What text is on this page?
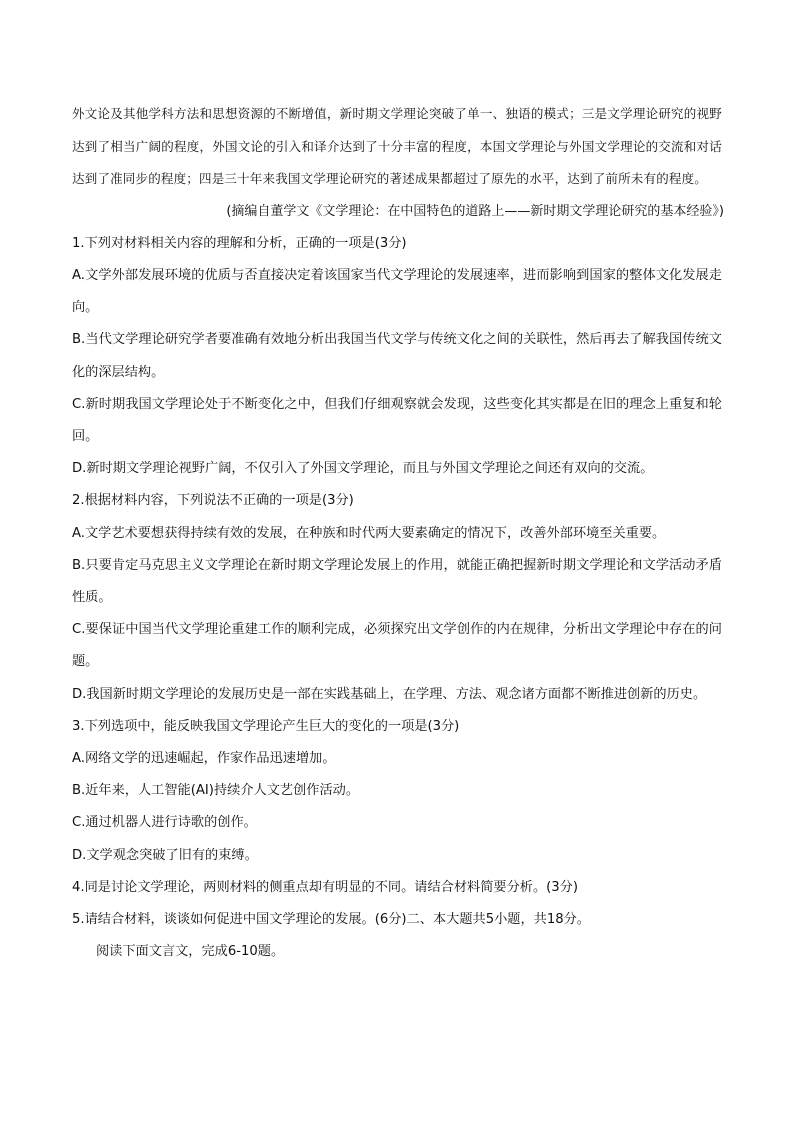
外文论及其他学科方法和思想资源的不断增值，新时期文学理论突破了单一、独语的模式；三是文学理论研究的视野达到了相当广阔的程度，外国文论的引入和译介达到了十分丰富的程度，本国文学理论与外国文学理论的交流和对话达到了准同步的程度；四是三十年来我国文学理论研究的著述成果都超过了原先的水平，达到了前所未有的程度。

(摘编自董学文《文学理论：在中国特色的道路上——新时期文学理论研究的基本经验》)

1.下列对材料相关内容的理解和分析，正确的一项是(3分)

A.文学外部发展环境的优质与否直接决定着该国家当代文学理论的发展速率，进而影响到国家的整体文化发展走向。

B.当代文学理论研究学者要准确有效地分析出我国当代文学与传统文化之间的关联性，然后再去了解我国传统文化的深层结构。

C.新时期我国文学理论处于不断变化之中，但我们仔细观察就会发现，这些变化其实都是在旧的理念上重复和轮回。

D.新时期文学理论视野广阔，不仅引入了外国文学理论，而且与外国文学理论之间还有双向的交流。

2.根据材料内容，下列说法不正确的一项是(3分)

A.文学艺术要想获得持续有效的发展，在种族和时代两大要素确定的情况下，改善外部环境至关重要。

B.只要肯定马克思主义文学理论在新时期文学理论发展上的作用，就能正确把握新时期文学理论和文学活动矛盾性质。

C.要保证中国当代文学理论重建工作的顺利完成，必须探究出文学创作的内在规律，分析出文学理论中存在的问题。

D.我国新时期文学理论的发展历史是一部在实践基础上，在学理、方法、观念诸方面都不断推进创新的历史。

3.下列选项中，能反映我国文学理论产生巨大的变化的一项是(3分)

A.网络文学的迅速崛起，作家作品迅速增加。

B.近年来，人工智能(AI)持续介人文艺创作活动。

C.通过机器人进行诗歌的创作。

D.文学观念突破了旧有的束缚。

4.同是讨论文学理论，两则材料的侧重点却有明显的不同。请结合材料简要分析。(3分)

5.请结合材料，谈谈如何促进中国文学理论的发展。(6分)二、本大题共5小题，共18分。

阅读下面文言文，完成6-10题。
